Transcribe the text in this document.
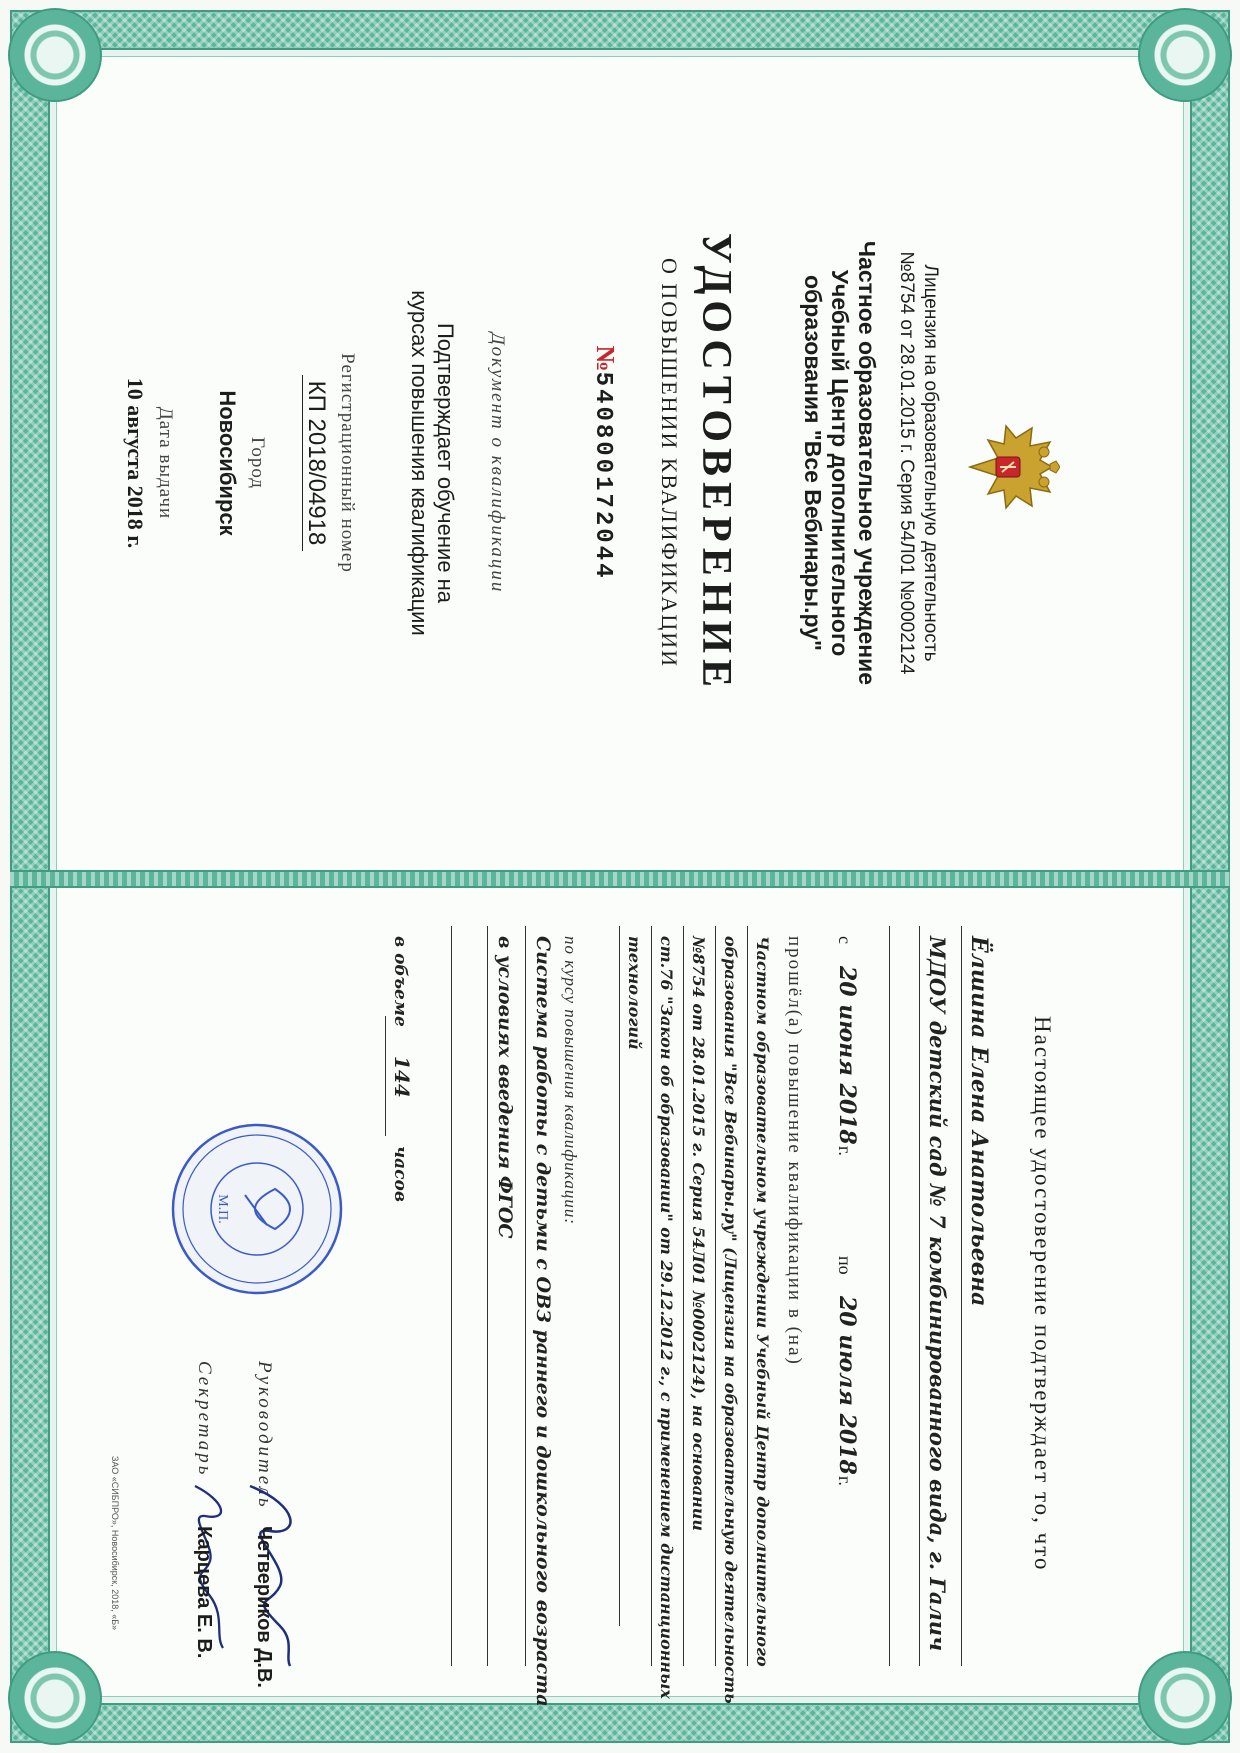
Лицензия на образовательную деятельность
№8754 от 28.01.2015 г. Серия 54Л01 №0002124
Частное образовательное учреждение
Учебный Центр дополнительного
образования "Все Вебинары.ру"
УДОСТОВЕРЕНИЕ
О ПОВЫШЕНИИ КВАЛИФИКАЦИИ
№540800172044
Документ о квалификации
Подтверждает обучение на
курсах повышения квалификации
Регистрационный номер
КП 2018/04918
Город
Новосибирск
Дата выдачи
10 августа 2018 г.
Настоящее удостоверение подтверждает то, что
Ёлшина Елена Анатольевна
МДОУ детский сад № 7 комбинированного вида, г. Галич
с
20 июня 2018
г.
по
20 июля 2018
г.
прошёл(а) повышение квалификации в (на)
Частном образовательном учреждении Учебный Центр дополнительного
образования "Все Вебинары.ру" (Лицензия на образовательную деятельность
№8754 от 28.01.2015 г. Серия 54Л01 №0002124), на основании
ст.76 "Закон об образовании" от 29.12.2012 г., с применением дистанционных
технологий
по курсу повышения квалификации:
Система работы с детьми с ОВЗ раннего и дошкольного возраста
в условиях введения ФГОС
в объеме
144
часов
М.П.
Руководитель
Секретарь
Четвериков Д.В.
Карцева Е. В.
ЗАО «СИБПРО», Новосибирск, 2018, «Б»
